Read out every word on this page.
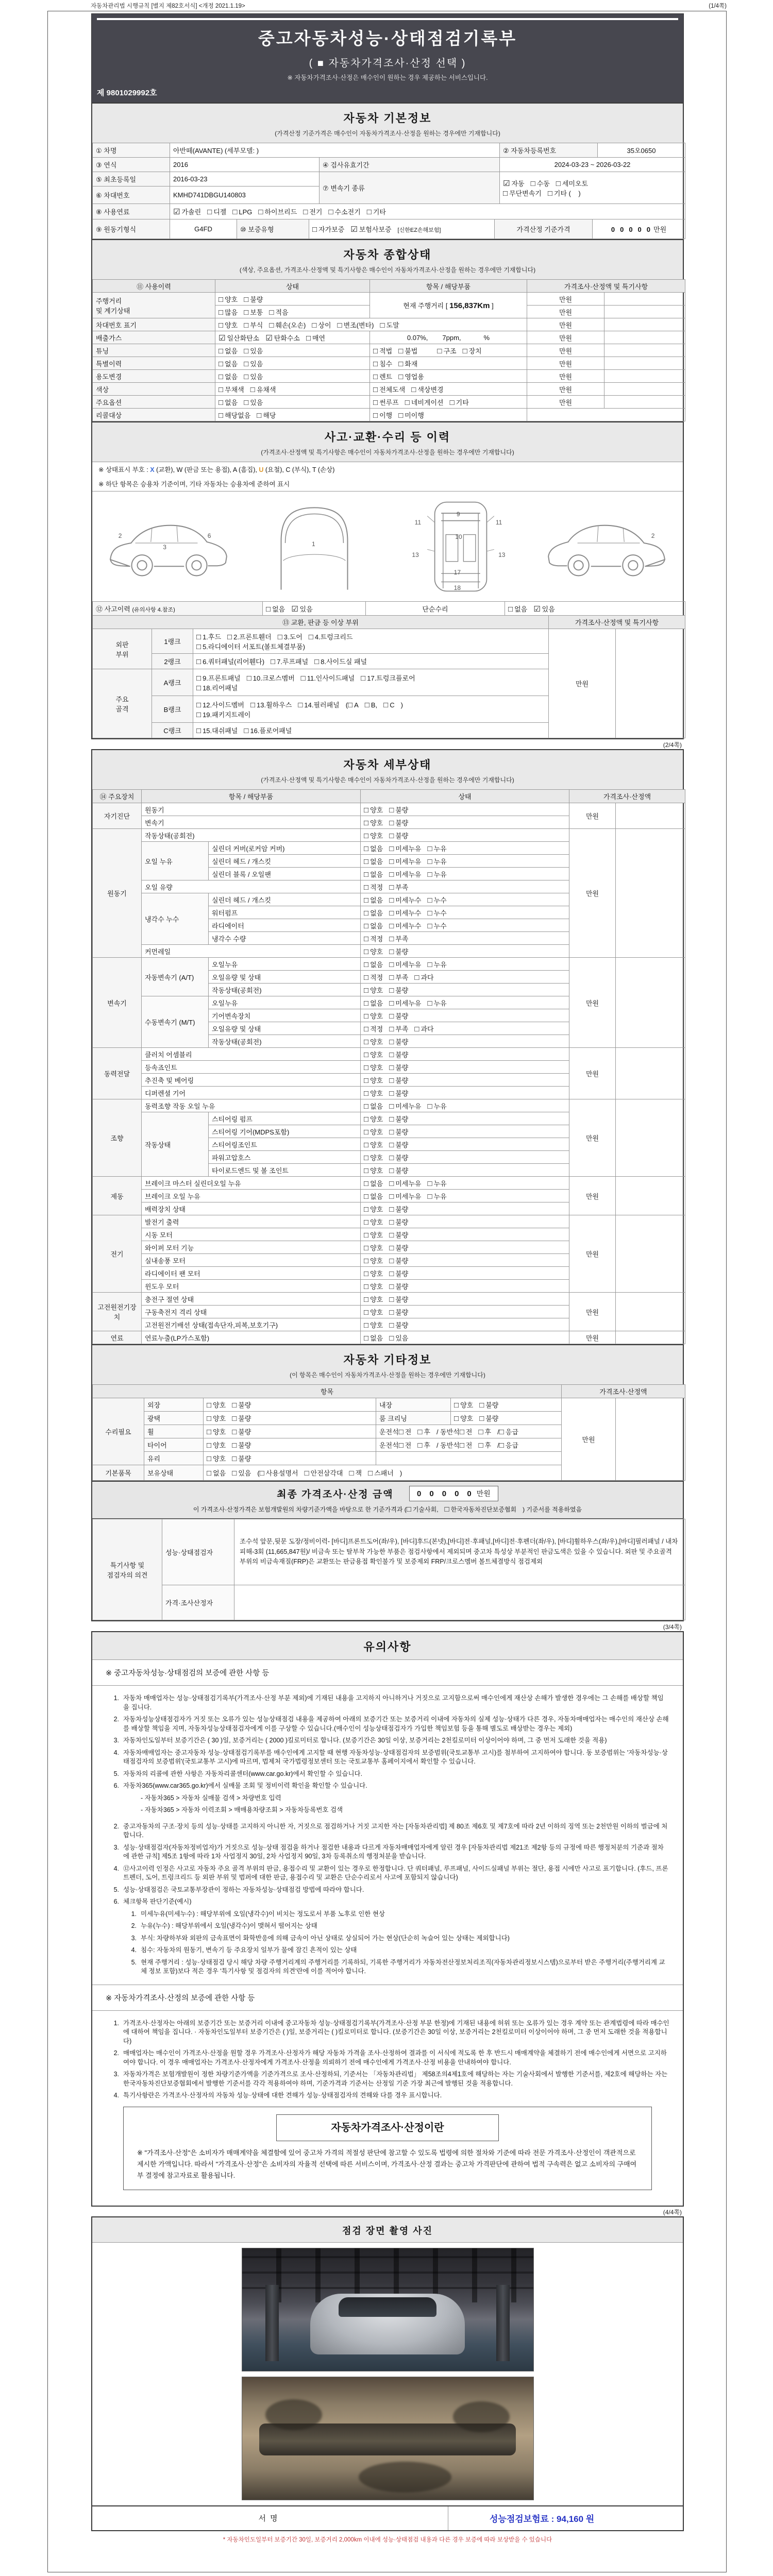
자동차관리법 시행규칙 [별지 제82호서식] <개정 2021.1.19>	(1/4쪽)
중고자동차성능·상태점검기록부
( ■ 자동차가격조사·산정 선택 )
※ 자동차가격조사·산정은 매수인이 원하는 경우 제공하는 서비스입니다.
제 9801029992호
자동차 기본정보
(가격산정 기준가격은 매수인이 자동차가격조사·산정을 원하는 경우에만 기재합니다)
① 차명	아반떼(AVANTE) (세부모델: )		② 자동차등록번호	35오0650
③ 연식	2016	④ 검사유효기간	2024-03-23 ~ 2026-03-22	
⑤ 최초등록일	2016-03-23	⑦ 변속기 종류	☑ 자동 □ 수동 □ 세미오토
□ 무단변속기 □ 기타 (    )	
⑥ 차대번호	KMHD741DBGU140803			
⑧ 사용연료	☑ 가솔린 □ 디젤 □ LPG □ 하이브리드 □ 전기 □ 수소전기 □ 기타
⑨ 원동기형식	G4FD	⑩ 보증유형	□ 자가보증 ☑ 보험사보증 [신한EZ손해보험]	가격산정 기준가격	0 0 0 0 0 만원
자동차 종합상태
(색상, 주요옵션, 가격조사·산정액 및 특기사항은 매수인이 자동차가격조사·산정을 원하는 경우에만 기재합니다)
⑪ 사용이력	상태	항목 / 해당부품	가격조사·산정액 및 특기사항	
주행거리
및 계기상태	□ 양호 □ 불량	현재 주행거리 [ 156,837Km ]	만원	
	□ 많음 □ 보통 □ 적음		만원	
차대번호 표기	□ 양호 □ 부식 □ 훼손(오손) □ 상이 □ 변조(변타) □ 도말		만원	
배출가스	☑ 일산화탄소 ☑ 탄화수소 □ 매연	0.07%, 7ppm, %	만원	
튜닝	□ 없음 □ 있음	□ 적법 □ 불법 □ 구조 □ 장치	만원	
특별이력	□ 없음 □ 있음	□ 침수 □ 화재	만원	
용도변경	□ 없음 □ 있음	□ 렌트 □ 영업용	만원	
색상	□ 무채색 □ 유채색	□ 전체도색 □ 색상변경	만원	
주요옵션	□ 없음 □ 있음	□ 썬루프 □ 네비게이션 □ 기타	만원	
리콜대상	□ 해당없음 □ 해당	□ 이행 □ 미이행		
사고·교환·수리 등 이력
(가격조사·산정액 및 특기사항은 매수인이 자동차가격조사·산정을 원하는 경우에만 기재합니다)
※ 상태표시 부호 : X (교환), W (판금 또는 용접), A (흠집), U (요철), C (부식), T (손상)
※ 하단 항목은 승용차 기준이며, 기타 자동차는 승용차에 준하여 표시
2
3
6
1
9
11	11
10
13	13
17
18
2
⑫ 사고이력 (유의사항 4.참조)	□ 없음 ☑ 있음	단순수리	□ 없음 ☑ 있음
⑬ 교환, 판금 등 이상 부위	가격조사·산정액 및 특기사항
외판
부위	1랭크	□ 1.후드 □ 2.프론트휀더 □ 3.도어 □ 4.트렁크리드
□ 5.라디에이터 서포트(볼트체결부품)	만원	
	2랭크	□ 6.쿼터패널(리어휀다) □ 7.루프패널 □ 8.사이드실 패널		
주요
골격	A랭크	□ 9.프론트패널 □ 10.크로스멤버 □ 11.인사이드패널 □ 17.트렁크플로어
□ 18.리어패널		
	B랭크	□ 12.사이드멤버 □ 13.휠하우스 □ 14.필러패널 (□ A □ B, □ C )
□ 19.패키지트레이		
	C랭크	□ 15.대쉬패널 □ 16.플로어패널		
(2/4쪽)
자동차 세부상태
(가격조사·산정액 및 특기사항은 매수인이 자동차가격조사·산정을 원하는 경우에만 기재합니다)
⑭ 주요장치	항목 / 해당부품		상태	가격조사·산정액	
자기진단	원동기		□ 양호 □ 불량	만원	
	변속기		□ 양호 □ 불량		
원동기	작동상태(공회전)		□ 양호 □ 불량	만원	
	오일 누유	실린더 커버(로커암 커버)	□ 없음 □ 미세누유 □ 누유		
		실린더 헤드 / 개스킷	□ 없음 □ 미세누유 □ 누유		
		실린더 블록 / 오일팬	□ 없음 □ 미세누유 □ 누유		
	오일 유량		□ 적정 □ 부족		
	냉각수 누수	실린더 헤드 / 개스킷	□ 없음 □ 미세누수 □ 누수		
		워터펌프	□ 없음 □ 미세누수 □ 누수		
		라디에이터	□ 없음 □ 미세누수 □ 누수		
		냉각수 수량	□ 적정 □ 부족		
	커먼레일		□ 양호 □ 불량		
변속기	자동변속기 (A/T)	오일누유	□ 없음 □ 미세누유 □ 누유	만원	
		오일유량 및 상태	□ 적정 □ 부족 □ 과다		
		작동상태(공회전)	□ 양호 □ 불량		
	수동변속기 (M/T)	오일누유	□ 없음 □ 미세누유 □ 누유		
		기어변속장치	□ 양호 □ 불량		
		오일유량 및 상태	□ 적정 □ 부족 □ 과다		
		작동상태(공회전)	□ 양호 □ 불량		
동력전달	클러치 어셈블리		□ 양호 □ 불량	만원	
	등속죠인트		□ 양호 □ 불량		
	추진축 및 베어링		□ 양호 □ 불량		
	디퍼렌셜 기어		□ 양호 □ 불량		
조향	동력조향 작동 오일 누유		□ 없음 □ 미세누유 □ 누유	만원	
	작동상태	스티어링 펌프	□ 양호 □ 불량		
		스티어링 기어(MDPS포함)	□ 양호 □ 불량		
		스티어링조인트	□ 양호 □ 불량		
		파워고압호스	□ 양호 □ 불량		
		타이로드엔드 및 볼 조인트	□ 양호 □ 불량		
제동	브레이크 마스터 실린더오일 누유		□ 없음 □ 미세누유 □ 누유	만원	
	브레이크 오일 누유		□ 없음 □ 미세누유 □ 누유		
	배력장치 상태		□ 양호 □ 불량		
전기	발전기 출력		□ 양호 □ 불량	만원	
	시동 모터		□ 양호 □ 불량		
	와이퍼 모터 기능		□ 양호 □ 불량		
	실내송풍 모터		□ 양호 □ 불량		
	라디에이터 팬 모터		□ 양호 □ 불량		
	윈도우 모터		□ 양호 □ 불량		
고전원전기장치	충전구 절연 상태		□ 양호 □ 불량	만원	
	구동축전지 격리 상태		□ 양호 □ 불량		
	고전원전기배선 상태(접속단자,피복,보호기구)		□ 양호 □ 불량		
연료	연료누출(LP가스포함)		□ 없음 □ 있음	만원	
자동차 기타정보
(이 항목은 매수인이 자동차가격조사·산정을 원하는 경우에만 기재합니다)
항목					가격조사·산정액	
수리필요	외장	□ 양호 □ 불량	내장	□ 양호 □ 불량	만원	
	광택	□ 양호 □ 불량	룸 크리닝	□ 양호 □ 불량		
	휠	□ 양호 □ 불량	운전석□ 전 □ 후 / 동반석□ 전 □ 후 /□ 응급			
	타이어	□ 양호 □ 불량	운전석□ 전 □ 후 / 동반석□ 전 □ 후 /□ 응급			
	유리	□ 양호 □ 불량				
기본품목	보유상태	□ 없음 □ 있음 (□ 사용설명서 □ 안전삼각대 □ 잭 □ 스패너 )				
최종 가격조사·산정 금액	0 0 0 0 0 만원
이 가격조사·산정가격은 보험개발원의 차량기준가액을 바탕으로 한 기준가격과 (□ 기술사회, □ 한국자동차진단보증협회 ) 기준서를 적용하였음
특기사항 및
점검자의 의견	성능·상태점검자	조수석 앞문,뒷문 도장/정비이력- [바디]프론트도어(좌/우), [바디]후드(본넷),[바디]전·후패널,[바디]전·후펜더(좌/우), [바디]휠하우스(좌/우),[바디]필러패널 / 내차피해-3회 (11,665,847원)/ 비금속 또는 탈부착 가능한 부품은 점검사항에서 제외되며 중고차 특성상 부분적인 판금도색은 있을 수 있습니다. 외판 및 주요골격 부위의 비금속재질(FRP)은 교환또는 판금용접 확인불가 및 보증제외 FRP/크로스멤버 볼트체결방식 점검제외
	가격·조사산정자	
(3/4쪽)
유의사항
※ 중고자동차성능·상태점검의 보증에 관한 사항 등
1. 자동차 매매업자는 성능·상태점검기록부(가격조사·산정 부분 제외)에 기재된 내용을 고지하지 아니하거나 거짓으로 고지함으로써 매수인에게 재산상 손해가 발생한 경우에는 그 손해를 배상할 책임을 집니다.
2. 자동차성능상태점검자가 거짓 또는 오류가 있는 성능상태점검 내용을 제공하여 아래의 보증기간 또는 보증거리 이내에 자동차의 실제 성능·상태가 다른 경우, 자동차매매업자는 매수인의 재산상 손해를 배상할 책임을 지며, 자동차성능상태점검자에게 이를 구상할 수 있습니다.(매수인이 성능상태점검자가 가입한 책임보험 등을 통해 별도로 배상받는 경우는 제외)
3. 자동차인도일부터 보증기간은 ( 30 )일, 보증거리는 ( 2000 )킬로미터로 합니다. (보증기간은 30일 이상, 보증거리는 2천킬로미터 이상이어야 하며, 그 중 먼저 도래한 것을 적용)
4. 자동차매매업자는 중고자동차 성능·상태점검기록부를 매수인에게 고지할 때 현행 자동차성능·상태점검자의 보증범위(국토교통부 고시)를 첨부하여 고지하여야 합니다. 동 보증범위는 '자동차성능·상태점검자의 보증범위'(국토교통부 고시)에 따르며, 법제처 국가법령정보센터 또는 국토교통부 홈페이지에서 확인할 수 있습니다.
5. 자동차의 리콜에 관한 사항은 자동차리콜센터(www.car.go.kr)에서 확인할 수 있습니다.
6. 자동차365(www.car365.go.kr)에서 실매물 조회 및 정비이력 확인을 확인할 수 있습니다.
- 자동차365 > 자동차 실매물 검색 > 차량번호 입력
- 자동차365 > 자동차 이력조회 > 매매용차량조회 > 자동차등록번호 검색
2. 중고자동차의 구조·장치 등의 성능·상태를 고지하지 아니한 자, 거짓으로 점검하거나 거짓 고지한 자는 [자동차관리법] 제 80조 제6호 및 제7호에 따라 2년 이하의 징역 또는 2천만원 이하의 벌금에 처합니다.
3. 성능·상태점검자(자동차정비업자)가 거짓으로 성능·상태 점검을 하거나 점검한 내용과 다르게 자동차매매업자에게 알린 경우 [자동차관리법 제21조 제2항 등의 규정에 따른 행정처분의 기준과 절차에 관한 규칙] 제5조 1항에 따라 1차 사업정지 30일, 2차 사업정지 90일, 3차 등록취소의 행정처분을 받습니다.
4. ⑫사고이력 인정은 사고로 자동차 주요 골격 부위의 판금, 용접수리 및 교환이 있는 경우로 한정합니다. 단 쿼터패널, 루프패널, 사이드실패널 부위는 절단, 용접 시에만 사고로 표기합니다. (후드, 프론트펜더, 도어, 트렁크리드 등 외판 부위 및 범퍼에 대한 판금, 용접수리 및 교환은 단순수리로서 사고에 포함되지 않습니다)
5. 성능·상태점검은 국토교통부장관이 정하는 자동차성능·상태점검 방법에 따라야 합니다.
6. 체크항목 판단기준(예시)
1. 미세누유(미세누수) : 해당부위에 오일(냉각수)이 비치는 정도로서 부품 노후로 인한 현상
2. 누유(누수) : 해당부위에서 오일(냉각수)이 맺혀서 떨어지는 상태
3. 부식: 차량하부와 외판의 금속표면이 화학반응에 의해 금속이 아닌 상태로 상실되어 가는 현상(단순히 녹슬어 있는 상태는 제외합니다)
4. 침수: 자동차의 원동기, 변속기 등 주요장치 일부가 물에 잠긴 흔적이 있는 상태
5. 현재 주행거리 : 성능·상태점검 당시 해당 차량 주행거리계의 주행거리를 기록하되, 기록한 주행거리가 자동차전산정보처리조직(자동차관리정보시스템)으로부터 받은 주행거리(주행거리계 교체 정보 포함)보다 적은 경우 '특기사항 및 점검자의 의견'란에 이를 적어야 합니다.
※ 자동차가격조사·산정의 보증에 관한 사항 등
1. 가격조사·산정자는 아래의 보증기간 또는 보증거리 이내에 중고자동차 성능·상태점검기록부(가격조사·산정 부분 한정)에 기재된 내용에 허위 또는 오류가 있는 경우 계약 또는 관계법령에 따라 매수인에 대하여 책임을 집니다. · 자동차인도일부터 보증기간은 ( )일, 보증거리는 ( )킬로미터로 합니다. (보증기간은 30일 이상, 보증거리는 2천킬로미터 이상이어야 하며, 그 중 먼저 도래한 것을 적용합니다)
2. 매매업자는 매수인이 가격조사·산정을 원할 경우 가격조사·산정자가 해당 자동차 가격을 조사·산정하여 결과를 이 서식에 적도록 한 후 반드시 매매계약을 체결하기 전에 매수인에게 서면으로 고지하여야 합니다. 이 경우 매매업자는 가격조사·산정자에게 가격조사·산정을 의뢰하기 전에 매수인에게 가격조사·산정 비용을 안내하여야 합니다.
3. 자동차가격은 보험개발원이 정한 차량기준가액을 기준가격으로 조사·산정하되, 기준서는 「자동차관리법」 제58조의4제1호에 해당하는 자는 기술사회에서 발행한 기준서를, 제2호에 해당하는 자는 한국자동차진단보증협회에서 발행한 기준서를 각각 적용하여야 하며, 기준가격과 기준서는 산정일 기준 가장 최근에 발행된 것을 적용합니다.
4. 특기사항란은 가격조사·산정자의 자동차 성능·상태에 대한 견해가 성능·상태점검자의 견해와 다를 경우 표시합니다.
자동차가격조사·산정이란
※ "가격조사·산정"은 소비자가 매매계약을 체결함에 있어 중고차 가격의 적절성 판단에 참고할 수 있도록 법령에 의한 절차와 기준에 따라 전문 가격조사·산정인이 객관적으로 제시한 가액입니다. 따라서 "가격조사·산정"은 소비자의 자율적 선택에 따른 서비스이며, 가격조사·산정 결과는 중고차 가격판단에 관하여 법적 구속력은 없고 소비자의 구매여부 결정에 참고자료로 활용됩니다.
(4/4쪽)
점검 장면 촬영 사진
서명	성능점검보험료 : 94,160 원
* 자동차인도일부터 보증기간 30일, 보증거리 2,000km 이내에 성능·상태점검 내용과 다른 경우 보증에 따라 보상받을 수 있습니다
